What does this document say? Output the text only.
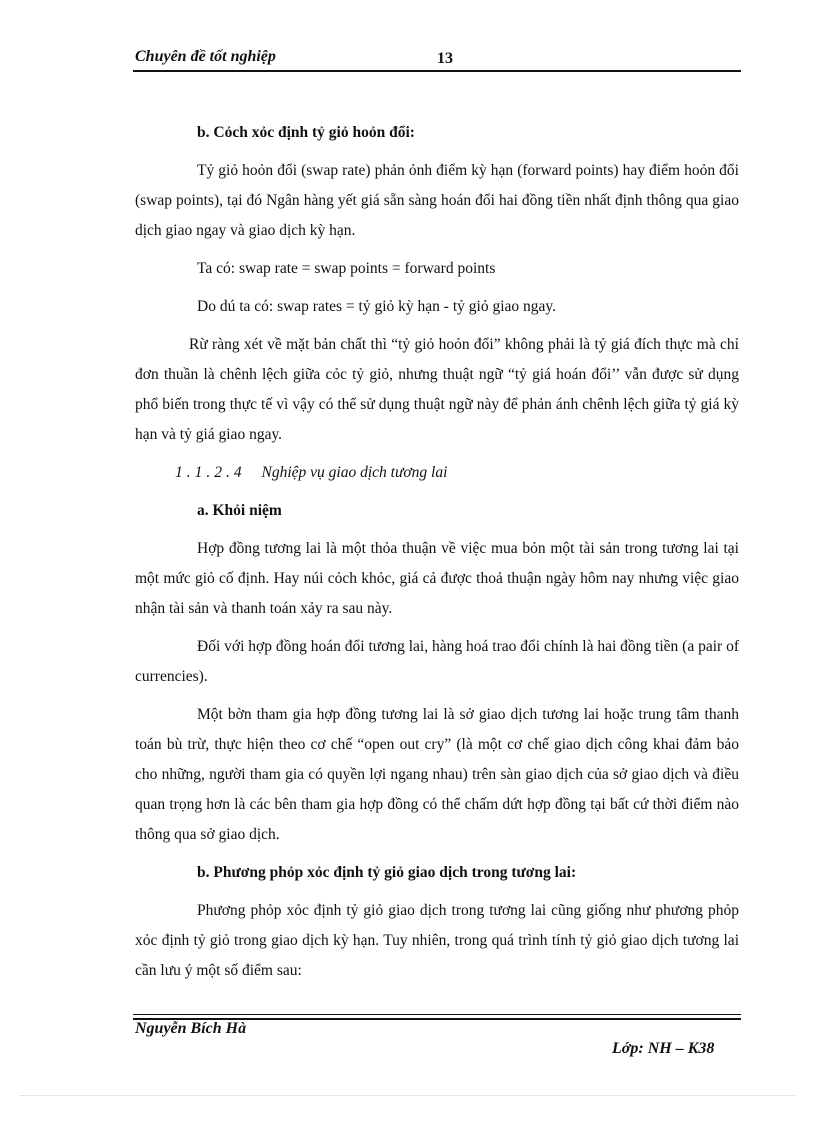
Chuyên đề tốt nghiệp	13
b. Cỏch xỏc định tỷ giỏ hoỏn đổi:

Tỷ giỏ hoỏn đổi (swap rate) phản ỏnh điểm kỳ hạn (forward points) hay điểm hoỏn đổi (swap points), tại đó Ngân hàng yết giá sẵn sàng hoán đổi hai đồng tiền nhất định thông qua giao dịch giao ngay và giao dịch kỳ hạn.

Ta có: swap rate = swap points = forward points
Do dú ta có: swap rates = tỷ giỏ kỳ hạn - tỷ giỏ giao ngay.

Rừ ràng xét về mặt bản chất thì “tỷ giỏ hoỏn đổi” không phải là tỷ giá đích thực mà chỉ đơn thuần là chênh lệch giữa cỏc tỷ giỏ, nhưng thuật ngữ “tỷ giá hoán đổi’’ vẫn được sử dụng phổ biến trong thực tế vì vậy có thể sử dụng thuật ngữ này để phản ánh chênh lệch giữa tỷ giá kỳ hạn và tỷ giá giao ngay.

1.1.2.4 Nghiệp vụ giao dịch tương lai
a. Khỏi niệm

Hợp đồng tương lai là một thỏa thuận về việc mua bỏn một tài sản trong tương lai tại một mức giỏ cố định. Hay núi cỏch khỏc, giá cả được thoả thuận ngày hôm nay nhưng việc giao nhận tài sản và thanh toán xảy ra sau này.

Đối với hợp đồng hoán đổi tương lai, hàng hoá trao đổi chính là hai đồng tiền (a pair of currencies).

Một bờn tham gia hợp đồng tương lai là sở giao dịch tương lai hoặc trung tâm thanh toán bù trừ, thực hiện theo cơ chế “open out cry” (là một cơ chế giao dịch công khai đảm bảo cho những, người tham gia có quyền lợi ngang nhau) trên sàn giao dịch của sở giao dịch và điều quan trọng hơn là các bên tham gia hợp đồng có thể chấm dứt hợp đồng tại bất cứ thời điểm nào thông qua sở giao dịch.

b. Phương phỏp xỏc định tỷ giỏ giao dịch trong tương lai:

Phương phỏp xỏc định tỷ giỏ giao dịch trong tương lai cũng giống như phương phỏp xỏc định tỷ giỏ trong giao dịch kỳ hạn. Tuy nhiên, trong quá trình tính tỷ giỏ giao dịch tương lai cần lưu ý một số điểm sau:

Nguyễn Bích Hà
Lớp: NH – K38
